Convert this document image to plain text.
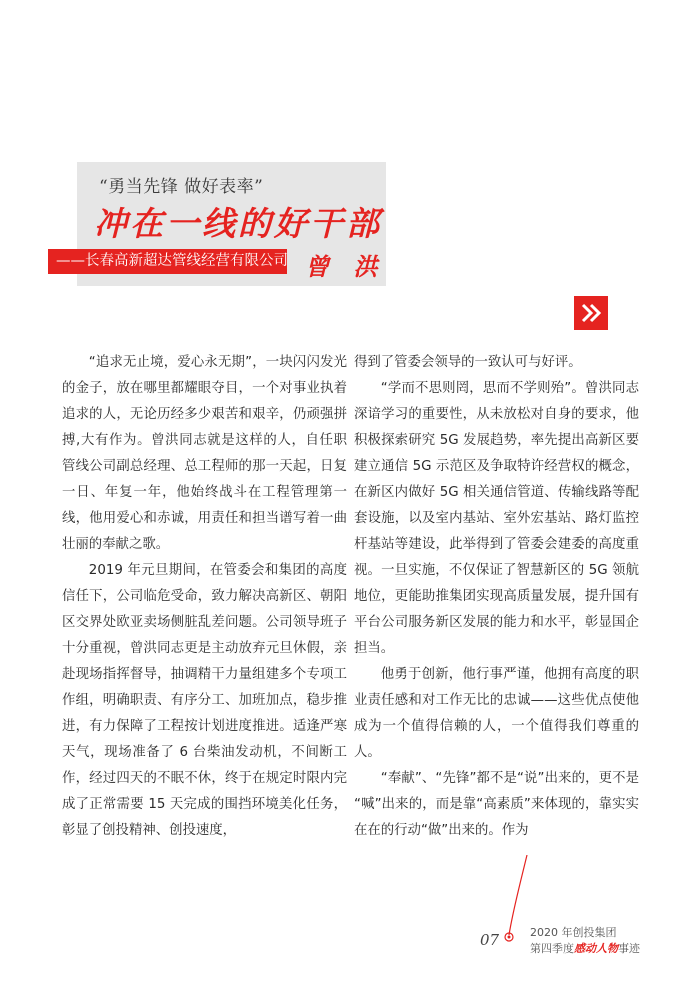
“勇当先锋 做好表率”
冲在一线的好干部
——长春高新超达管线经营有限公司 曾 洪

“追求无止境，爱心永无期”，一块闪闪发光的金子，放在哪里都耀眼夺目，一个对事业执着追求的人，无论历经多少艰苦和艰辛，仍顽强拼搏,大有作为。曾洪同志就是这样的人，自任职管线公司副总经理、总工程师的那一天起，日复一日、年复一年，他始终战斗在工程管理第一线，他用爱心和赤诚，用责任和担当谱写着一曲壮丽的奉献之歌。

2019 年元旦期间，在管委会和集团的高度信任下，公司临危受命，致力解决高新区、朝阳区交界处欧亚卖场侧脏乱差问题。公司领导班子十分重视，曾洪同志更是主动放弃元旦休假，亲赴现场指挥督导，抽调精干力量组建多个专项工作组，明确职责、有序分工、加班加点，稳步推进，有力保障了工程按计划进度推进。适逢严寒天气，现场准备了 6 台柴油发动机，不间断工作，经过四天的不眠不休，终于在规定时限内完成了正常需要 15 天完成的围挡环境美化任务，彰显了创投精神、创投速度，

得到了管委会领导的一致认可与好评。

“学而不思则罔，思而不学则殆”。曾洪同志深谙学习的重要性，从未放松对自身的要求，他积极探索研究 5G 发展趋势，率先提出高新区要建立通信 5G 示范区及争取特许经营权的概念，在新区内做好 5G 相关通信管道、传输线路等配套设施，以及室内基站、室外宏基站、路灯监控杆基站等建设，此举得到了管委会建委的高度重视。一旦实施，不仅保证了智慧新区的 5G 领航地位，更能助推集团实现高质量发展，提升国有平台公司服务新区发展的能力和水平，彰显国企担当。

他勇于创新，他行事严谨，他拥有高度的职业责任感和对工作无比的忠诚——这些优点使他成为一个值得信赖的人，一个值得我们尊重的人。

“奉献”、“先锋”都不是“说”出来的，更不是 “喊”出来的，而是靠“高素质”来体现的，靠实实在在的行动“做”出来的。作为

07	2020 年创投集团
第四季度感动人物事迹
